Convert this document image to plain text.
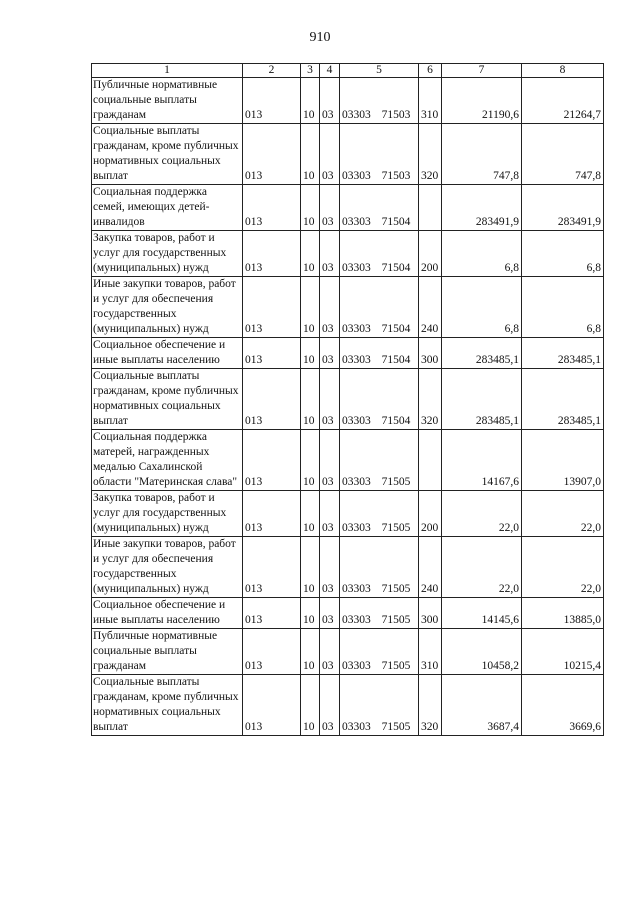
910
1	2	3	4	5	6	7	8
Публичные нормативные социальные выплаты гражданам	013	10	03	03303 71503	310	21190,6	21264,7
Социальные выплаты гражданам, кроме публичных нормативных социальных выплат	013	10	03	03303 71503	320	747,8	747,8
Социальная поддержка семей, имеющих детей-инвалидов	013	10	03	03303 71504		283491,9	283491,9
Закупка товаров, работ и услуг для государственных (муниципальных) нужд	013	10	03	03303 71504	200	6,8	6,8
Иные закупки товаров, работ и услуг для обеспечения государственных (муниципальных) нужд	013	10	03	03303 71504	240	6,8	6,8
Социальное обеспечение и иные выплаты населению	013	10	03	03303 71504	300	283485,1	283485,1
Социальные выплаты гражданам, кроме публичных нормативных социальных выплат	013	10	03	03303 71504	320	283485,1	283485,1
Социальная поддержка матерей, награжденных медалью Сахалинской области "Материнская слава"	013	10	03	03303 71505		14167,6	13907,0
Закупка товаров, работ и услуг для государственных (муниципальных) нужд	013	10	03	03303 71505	200	22,0	22,0
Иные закупки товаров, работ и услуг для обеспечения государственных (муниципальных) нужд	013	10	03	03303 71505	240	22,0	22,0
Социальное обеспечение и иные выплаты населению	013	10	03	03303 71505	300	14145,6	13885,0
Публичные нормативные социальные выплаты гражданам	013	10	03	03303 71505	310	10458,2	10215,4
Социальные выплаты гражданам, кроме публичных нормативных социальных выплат	013	10	03	03303 71505	320	3687,4	3669,6
